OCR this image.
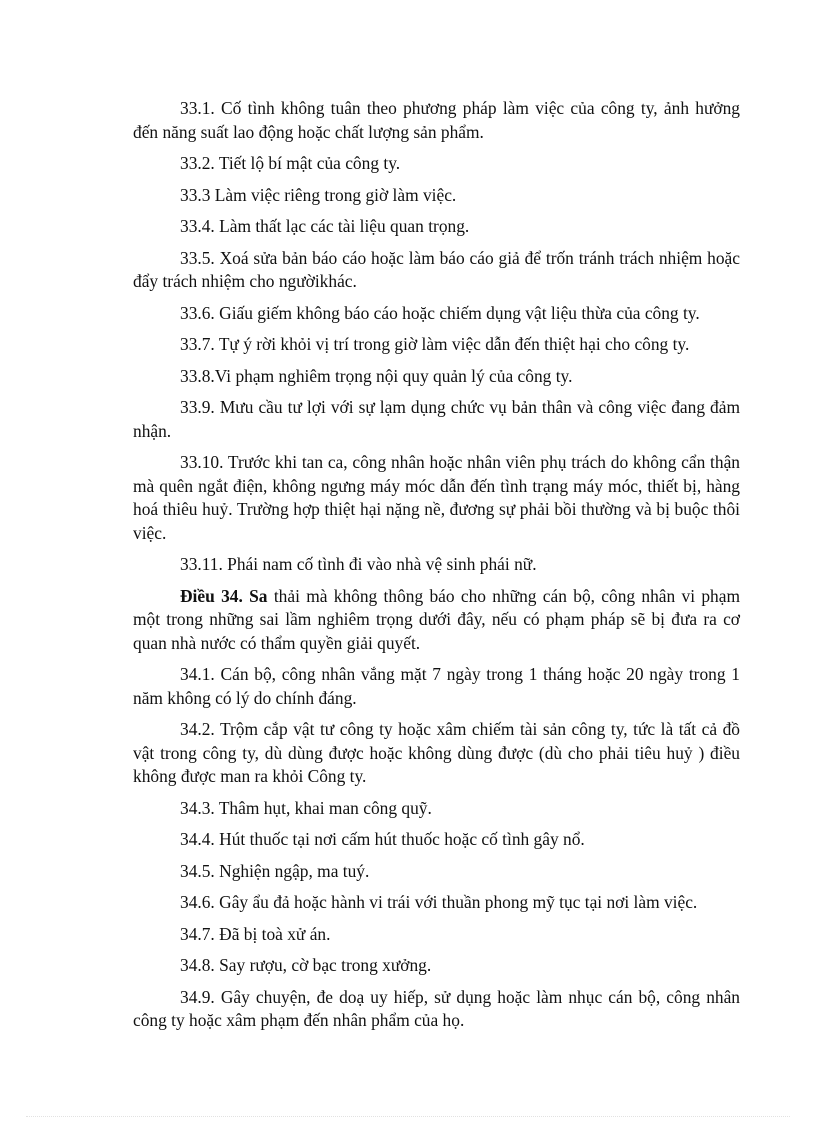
33.1. Cố tình không tuân theo phương pháp làm việc của công ty, ảnh hưởng đến năng suất lao động hoặc chất lượng sản phẩm.

33.2. Tiết lộ bí mật của công ty.

33.3 Làm việc riêng trong giờ làm việc.

33.4. Làm thất lạc các tài liệu quan trọng.

33.5. Xoá sửa bản báo cáo hoặc làm báo cáo giả để trốn tránh trách nhiệm hoặc đẩy trách nhiệm cho ngườikhác.

33.6. Giấu giếm không báo cáo hoặc chiếm dụng vật liệu thừa của công ty.

33.7. Tự ý rời khỏi vị trí trong giờ làm việc dẫn đến thiệt hại cho công ty.

33.8.Vi phạm nghiêm trọng nội quy quản lý của công ty.

33.9. Mưu cầu tư lợi với sự lạm dụng chức vụ bản thân và công việc đang đảm nhận.

33.10. Trước khi tan ca, công nhân hoặc nhân viên phụ trách do không cẩn thận mà quên ngắt điện, không ngưng máy móc dẫn đến tình trạng máy móc, thiết bị, hàng hoá thiêu huỷ. Trường hợp thiệt hại nặng nề, đương sự phải bồi thường và bị buộc thôi việc.

33.11. Phái nam cố tình đi vào nhà vệ sinh phái nữ.

Điều 34. Sa thải mà không thông báo cho những cán bộ, công nhân vi phạm một trong những sai lầm nghiêm trọng dưới đây, nếu có phạm pháp sẽ bị đưa ra cơ quan nhà nước có thẩm quyền giải quyết.

34.1. Cán bộ, công nhân vắng mặt 7 ngày trong 1 tháng hoặc 20 ngày trong 1 năm không có lý do chính đáng.

34.2. Trộm cắp vật tư công ty hoặc xâm chiếm tài sản công ty, tức là tất cả đồ vật trong công ty, dù dùng được hoặc không dùng được (dù cho phải tiêu huỷ ) điều không được man ra khỏi Công ty.

34.3. Thâm hụt, khai man công quỹ.

34.4. Hút thuốc tại nơi cấm hút thuốc hoặc cố tình gây nổ.

34.5. Nghiện ngập, ma tuý.

34.6. Gây ẩu đả hoặc hành vi trái với thuần phong mỹ tục tại nơi làm việc.

34.7. Đã bị toà xử án.

34.8. Say rượu, cờ bạc trong xưởng.

34.9. Gây chuyện, đe doạ uy hiếp, sử dụng hoặc làm nhục cán bộ, công nhân công ty hoặc xâm phạm đến nhân phẩm của họ.
